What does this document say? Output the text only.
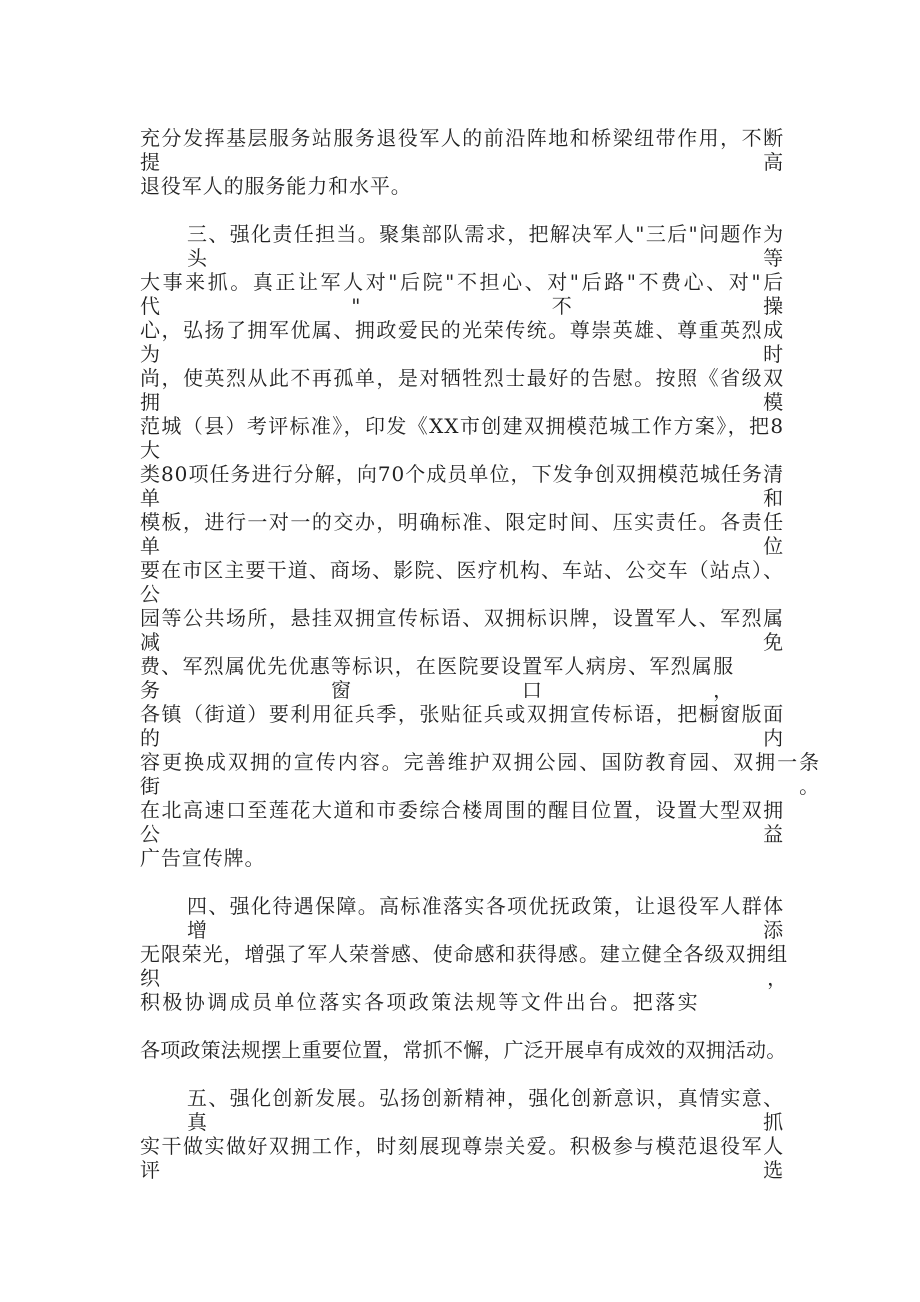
充分发挥基层服务站服务退役军人的前沿阵地和桥梁纽带作用，不断提高
退役军人的服务能力和水平。
三、强化责任担当。聚集部队需求，把解决军人"三后"问题作为头等
大事来抓。真正让军人对"后院"不担心、对"后路"不费心、对"后代"不操
心，弘扬了拥军优属、拥政爱民的光荣传统。尊崇英雄、尊重英烈成为时
尚，使英烈从此不再孤单，是对牺牲烈士最好的告慰。按照《省级双拥模
范城（县）考评标准》，印发《XX市创建双拥模范城工作方案》，把8大
类80项任务进行分解，向70个成员单位，下发争创双拥模范城任务清单和
模板，进行一对一的交办，明确标准、限定时间、压实责任。各责任单位
要在市区主要干道、商场、影院、医疗机构、车站、公交车（站点）、公
园等公共场所，悬挂双拥宣传标语、双拥标识牌，设置军人、军烈属减免
费、军烈属优先优惠等标识，在医院要设置军人病房、军烈属服务窗口，
各镇（街道）要利用征兵季，张贴征兵或双拥宣传标语，把橱窗版面的内
容更换成双拥的宣传内容。完善维护双拥公园、国防教育园、双拥一条街。
在北高速口至莲花大道和市委综合楼周围的醒目位置，设置大型双拥公益
广告宣传牌。
四、强化待遇保障。高标准落实各项优抚政策，让退役军人群体增添
无限荣光，增强了军人荣誉感、使命感和获得感。建立健全各级双拥组织，
积极协调成员单位落实各项政策法规等文件出台。把落实
各项政策法规摆上重要位置，常抓不懈，广泛开展卓有成效的双拥活动。
五、强化创新发展。弘扬创新精神，强化创新意识，真情实意、真抓
实干做实做好双拥工作，时刻展现尊崇关爱。积极参与模范退役军人评选
